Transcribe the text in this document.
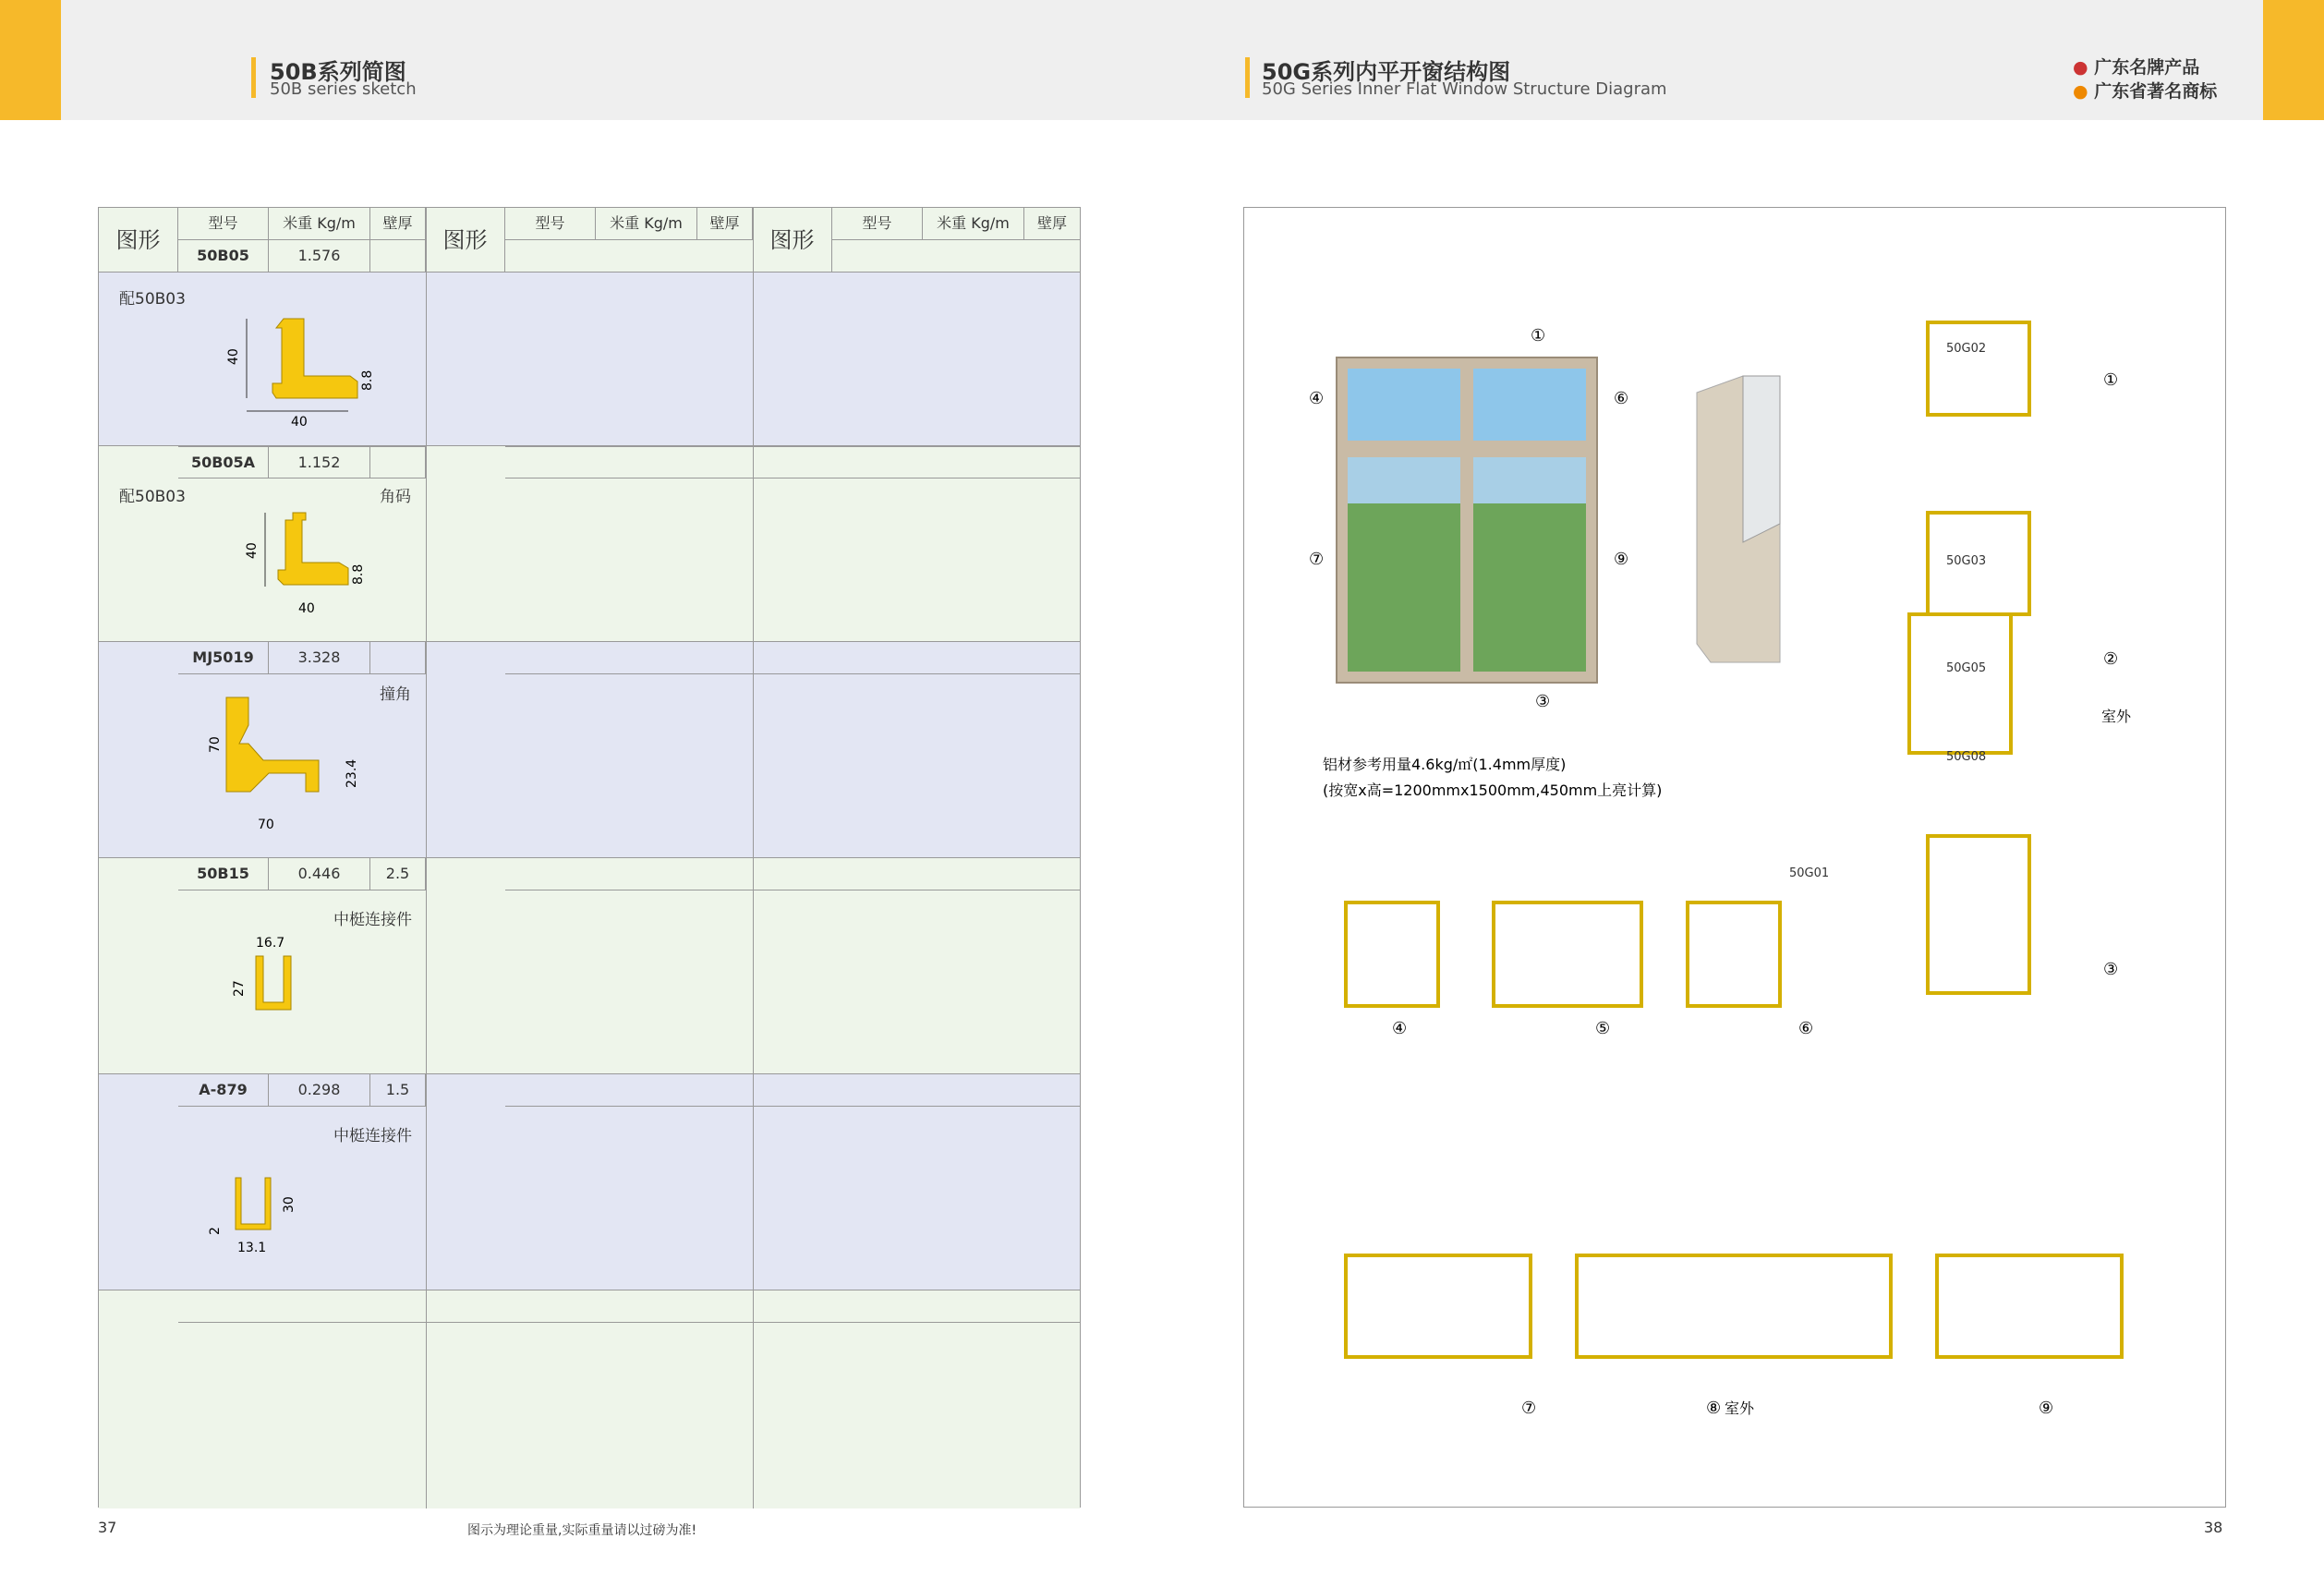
50B系列简图
50B series sketch
50G系列内平开窗结构图
50G Series Inner Flat Window Structure Diagram
● 广东名牌产品
● 广东省著名商标
图形
型号	米重 Kg/m	壁厚
图形
型号	米重 Kg/m	壁厚
图形
型号	米重 Kg/m	壁厚
50B05	1.576
配50B03
40
40
8.8
50B05A	1.152
配50B03	角码
40
40
8.8
MJ5019	3.328
撞角
70
70
23.4
50B15	0.446	2.5
中梃连接件
16.7
27
A-879	0.298	1.5
中梃连接件
30
2
13.1
⑦	⑧ 室外	⑨
④	⑤	⑥
①
③
④	⑥
⑦	⑨
①
②
③
室外
50G02
50G03
50G05
50G08
50G01
铝材参考用量4.6kg/㎡(1.4mm厚度)
(按宽x高=1200mmx1500mm,450mm上亮计算)
37	图示为理论重量,实际重量请以过磅为准!	38
